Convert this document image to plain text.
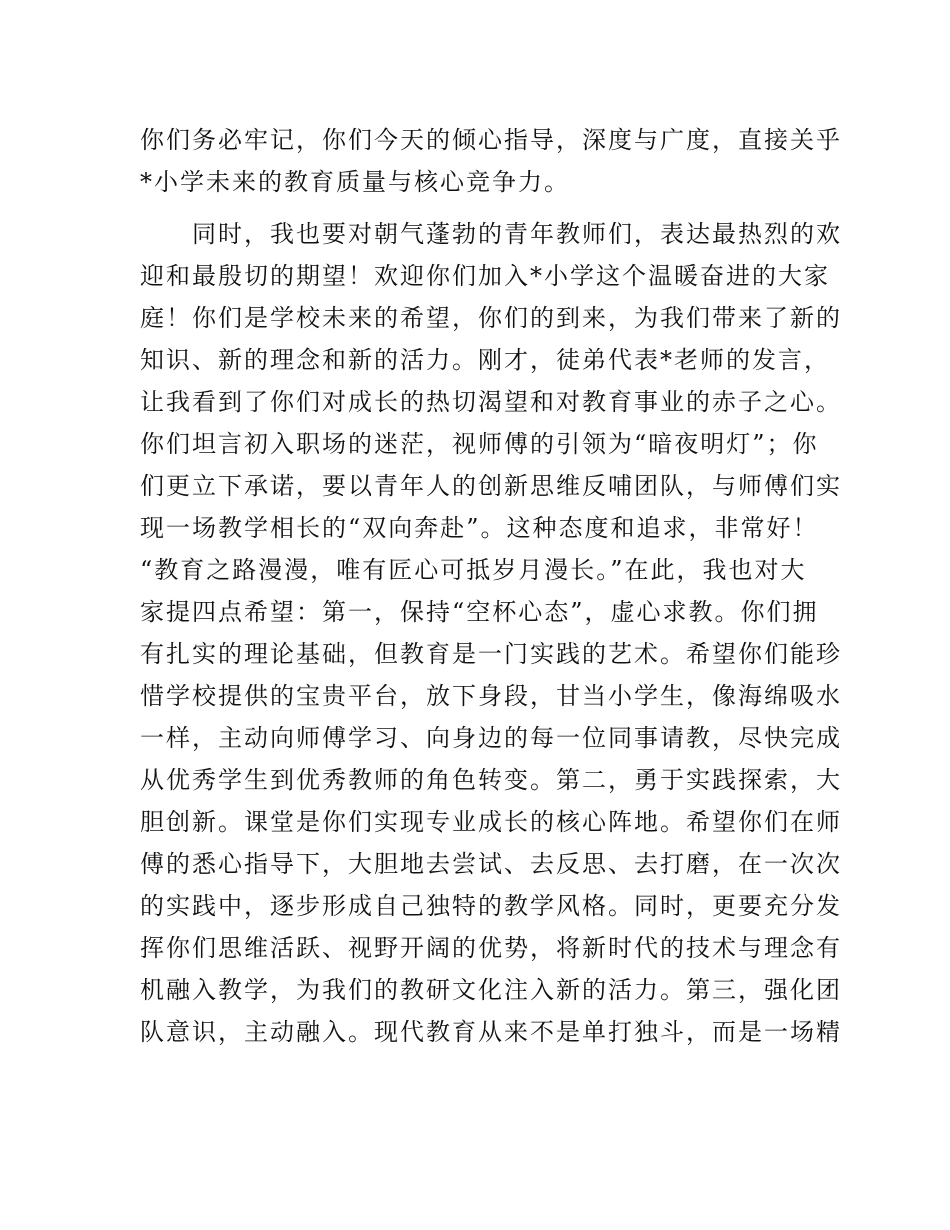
你们务必牢记，你们今天的倾心指导，深度与广度，直接关乎
*小学未来的教育质量与核心竞争力。
同时，我也要对朝气蓬勃的青年教师们，表达最热烈的欢
迎和最殷切的期望！欢迎你们加入*小学这个温暖奋进的大家
庭！你们是学校未来的希望，你们的到来，为我们带来了新的
知识、新的理念和新的活力。刚才，徒弟代表*老师的发言，
让我看到了你们对成长的热切渴望和对教育事业的赤子之心。
你们坦言初入职场的迷茫，视师傅的引领为“暗夜明灯”；你
们更立下承诺，要以青年人的创新思维反哺团队，与师傅们实
现一场教学相长的“双向奔赴”。这种态度和追求，非常好！
“教育之路漫漫，唯有匠心可抵岁月漫长。”在此，我也对大
家提四点希望：第一，保持“空杯心态”，虚心求教。你们拥
有扎实的理论基础，但教育是一门实践的艺术。希望你们能珍
惜学校提供的宝贵平台，放下身段，甘当小学生，像海绵吸水
一样，主动向师傅学习、向身边的每一位同事请教，尽快完成
从优秀学生到优秀教师的角色转变。第二，勇于实践探索，大
胆创新。课堂是你们实现专业成长的核心阵地。希望你们在师
傅的悉心指导下，大胆地去尝试、去反思、去打磨，在一次次
的实践中，逐步形成自己独特的教学风格。同时，更要充分发
挥你们思维活跃、视野开阔的优势，将新时代的技术与理念有
机融入教学，为我们的教研文化注入新的活力。第三，强化团
队意识，主动融入。现代教育从来不是单打独斗，而是一场精
